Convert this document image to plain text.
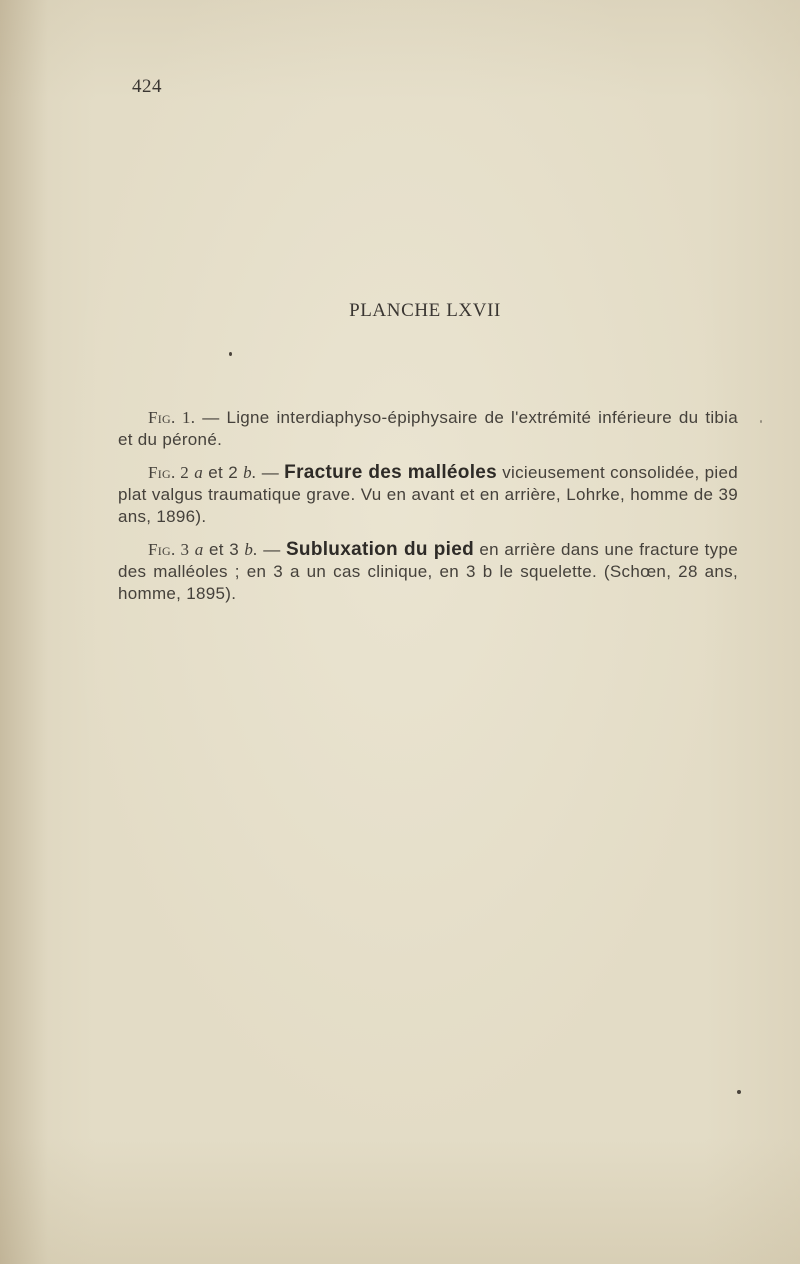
424
PLANCHE LXVII

Fig. 1. — Ligne interdiaphyso-épiphysaire de l'extrémité inférieure du tibia et du péroné.

Fig. 2 a et 2 b. — Fracture des malléoles vicieusement consolidée, pied plat valgus traumatique grave. Vu en avant et en arrière, Lohrke, homme de 39 ans, 1896).

Fig. 3 a et 3 b. — Subluxation du pied en arrière dans une fracture type des malléoles ; en 3 a un cas clinique, en 3 b le squelette. (Schœn, 28 ans, homme, 1895).
